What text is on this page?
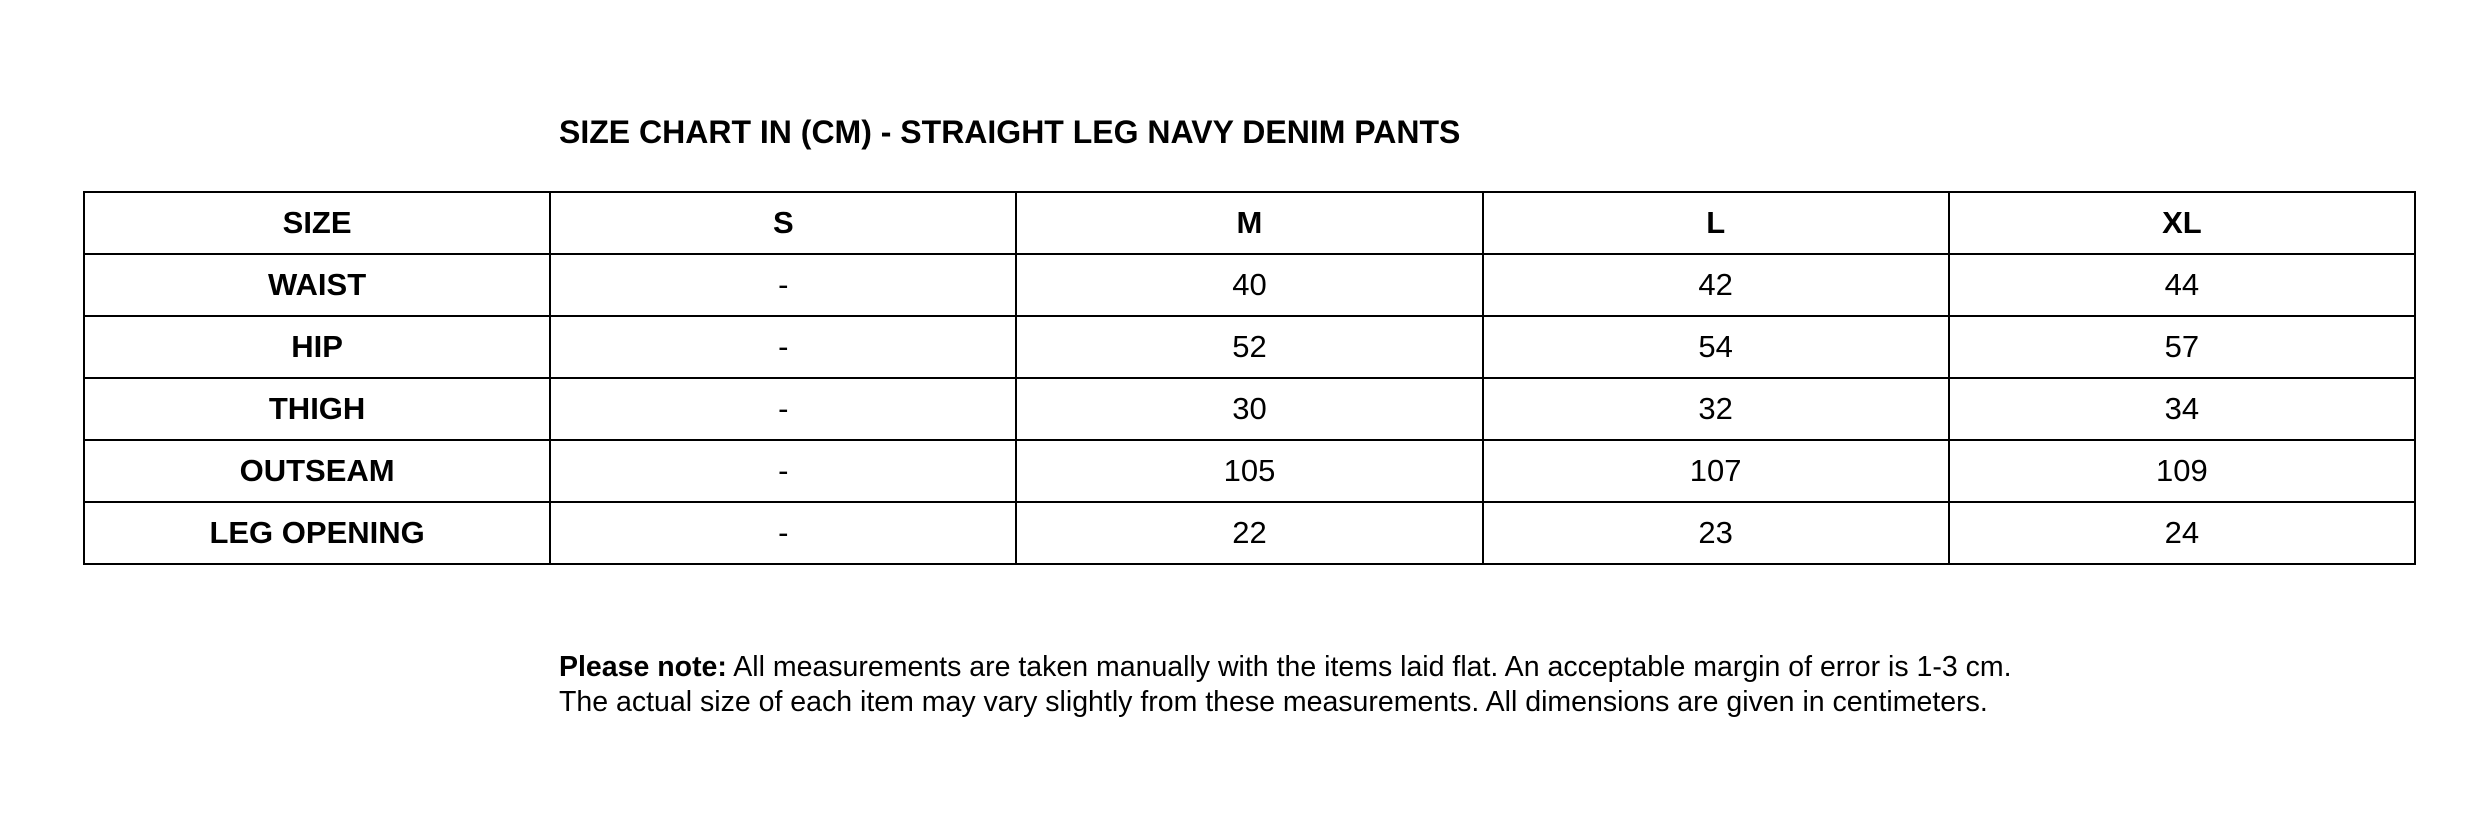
SIZE CHART IN (CM) - STRAIGHT LEG NAVY DENIM PANTS
SIZE	S	M	L	XL
WAIST	-	40	42	44
HIP	-	52	54	57
THIGH	-	30	32	34
OUTSEAM	-	105	107	109
LEG OPENING	-	22	23	24
Please note: All measurements are taken manually with the items laid flat. An acceptable margin of error is 1-3 cm.
The actual size of each item may vary slightly from these measurements. All dimensions are given in centimeters.
